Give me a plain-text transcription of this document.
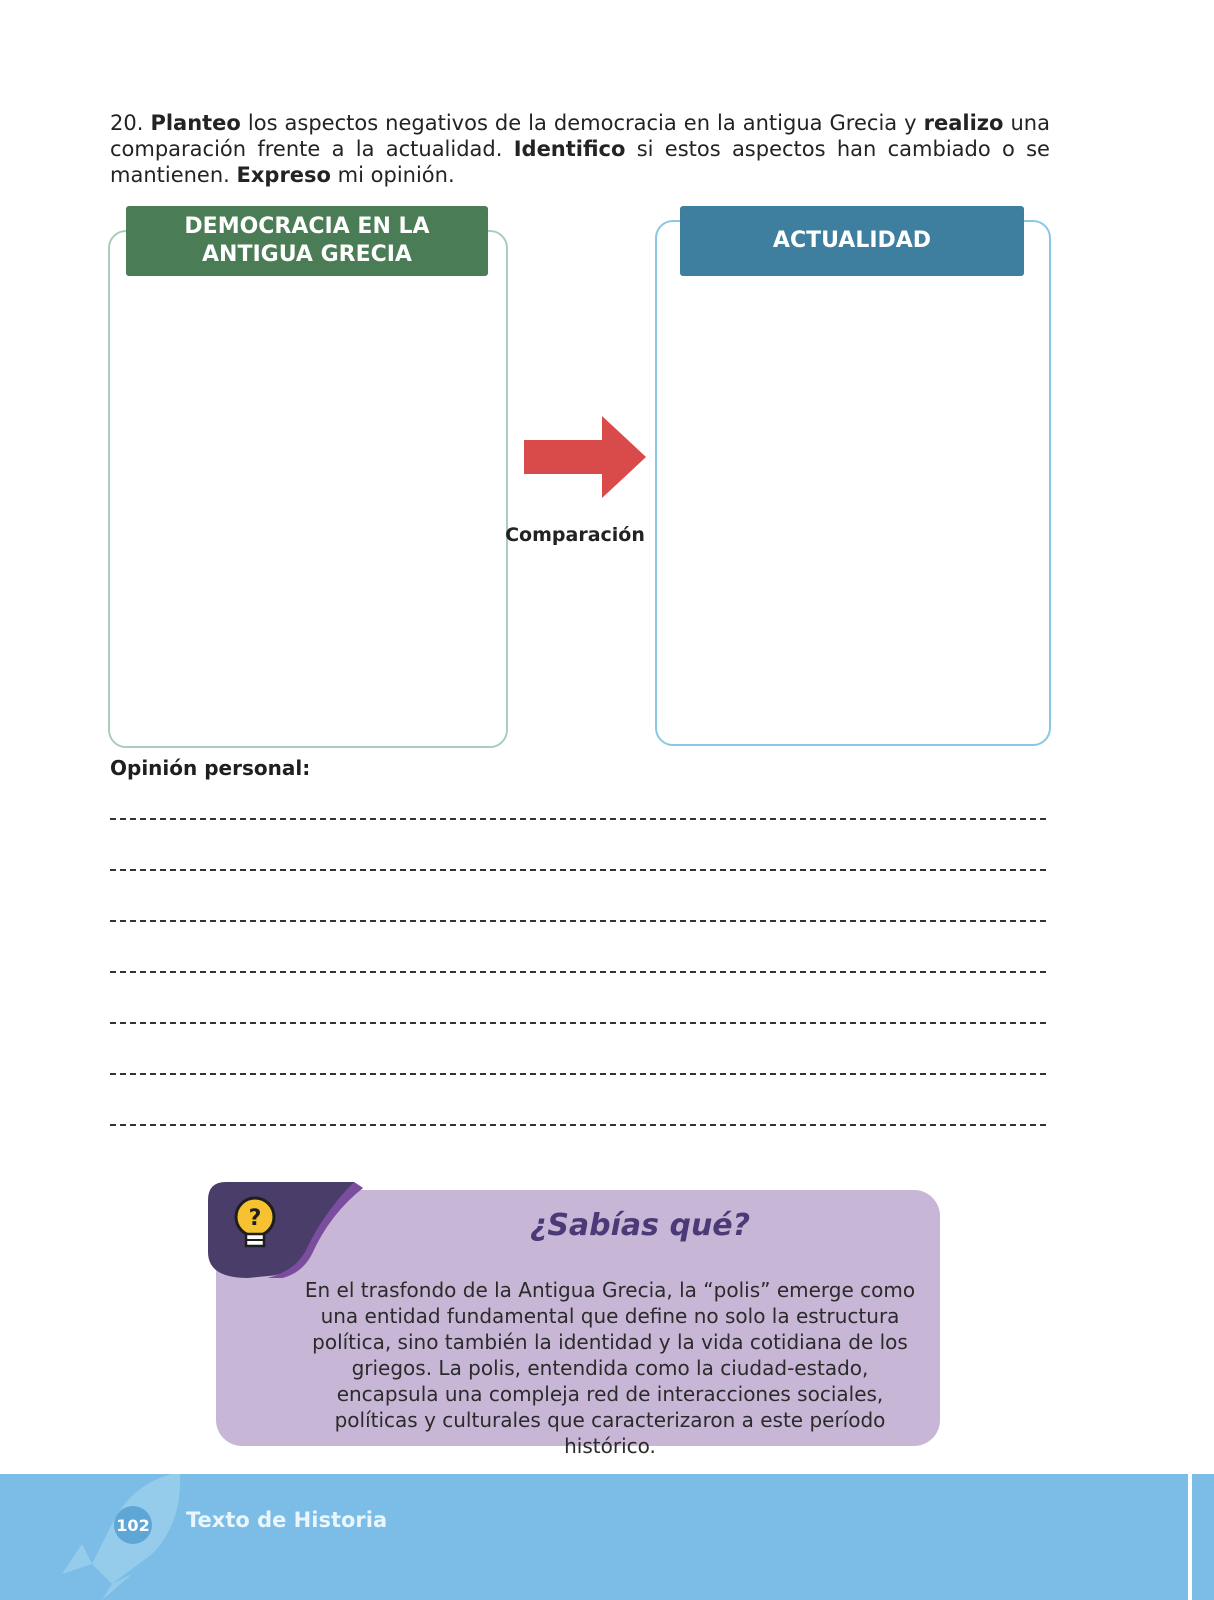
20. Planteo los aspectos negativos de la democracia en la antigua Grecia y realizo una comparación frente a la actualidad. Identifico si estos aspectos han cambiado o se mantienen. Expreso mi opinión.
DEMOCRACIA EN LA
ANTIGUA GRECIA
ACTUALIDAD
Comparación
Opinión personal:
?	¿Sabías qué?
En el trasfondo de la Antigua Grecia, la “polis” emerge como una entidad fundamental que define no solo la estructura política, sino también la identidad y la vida cotidiana de los griegos. La polis, entendida como la ciudad-estado, encapsula una compleja red de interacciones sociales, políticas y culturales que caracterizaron a este período histórico.
102 Texto de Historia
